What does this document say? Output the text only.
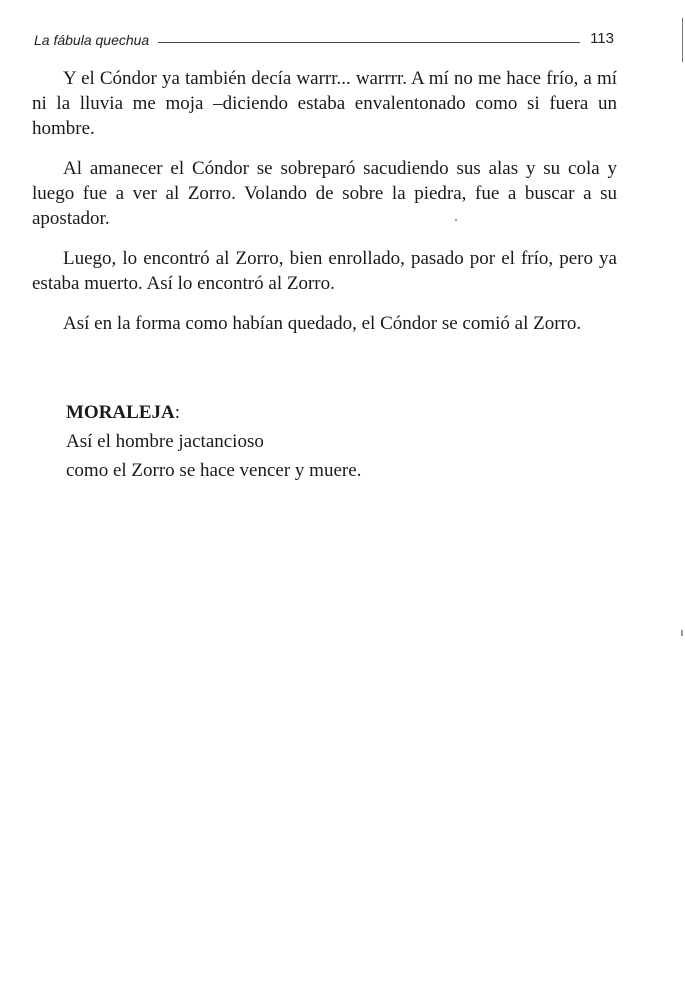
La fábula quechua	113

Y el Cóndor ya también decía warrr... warrrr. A mí no me hace frío, a mí ni la lluvia me moja –diciendo estaba envalentonado como si fuera un hombre.

Al amanecer el Cóndor se sobreparó sacudiendo sus alas y su cola y luego fue a ver al Zorro. Volando de sobre la piedra, fue a buscar a su apostador.

Luego, lo encontró al Zorro, bien enrollado, pasado por el frío, pero ya estaba muerto. Así lo encontró al Zorro.

Así en la forma como habían quedado, el Cóndor se comió al Zorro.

MORALEJA:

Así el hombre jactancioso

como el Zorro se hace vencer y muere.
